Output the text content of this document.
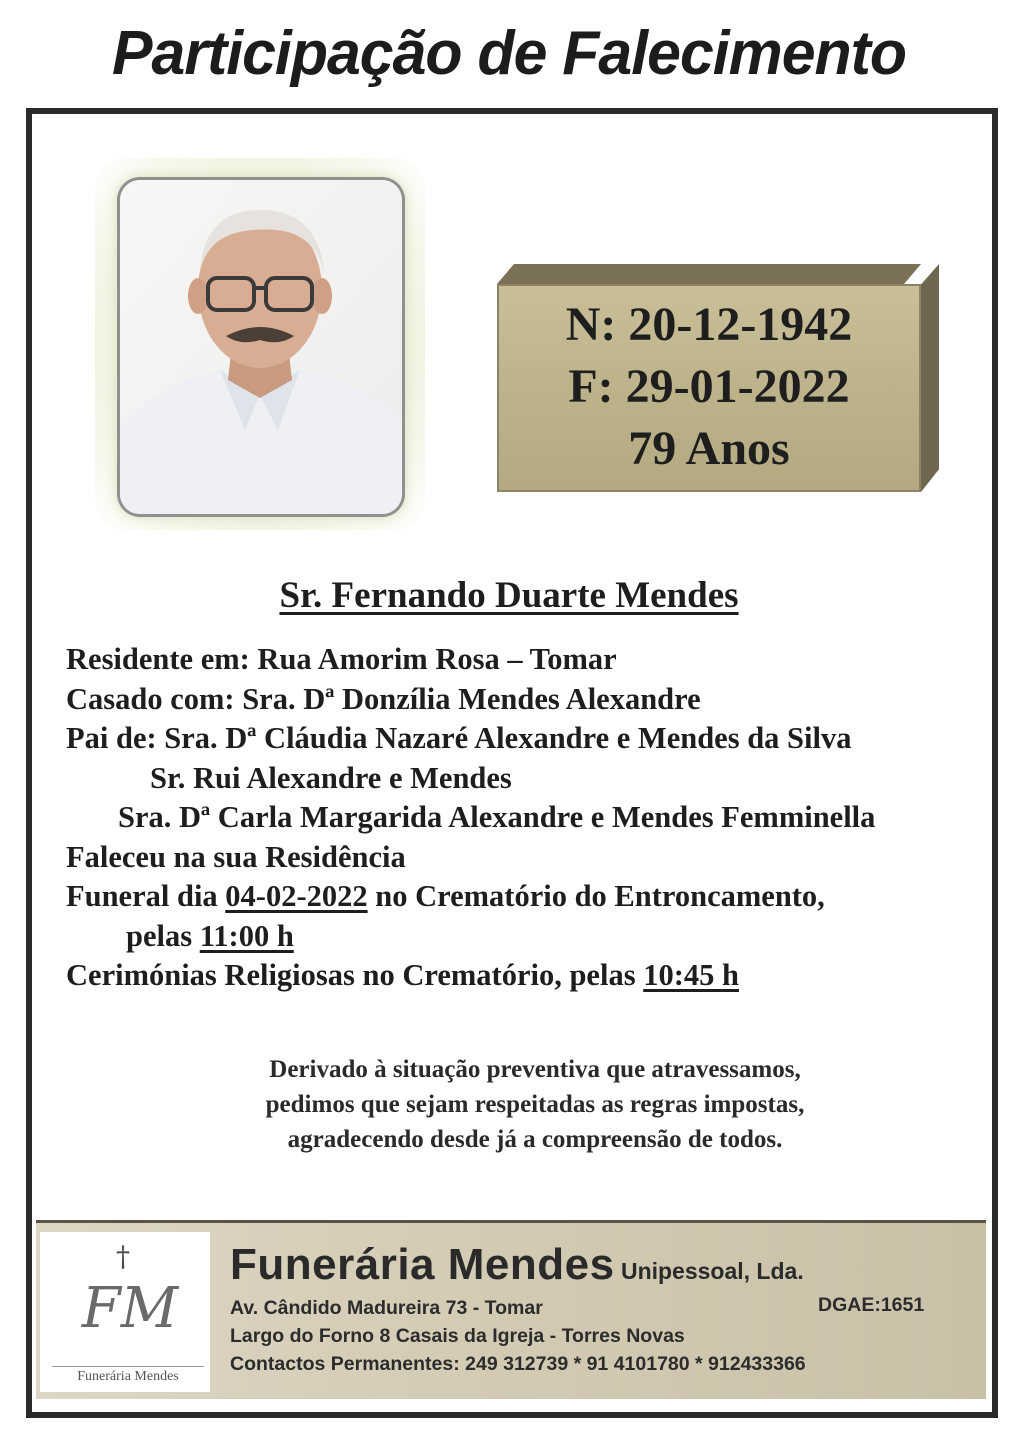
Participação de Falecimento
N: 20-12-1942
F: 29-01-2022
79 Anos
Sr. Fernando Duarte Mendes
Residente em: Rua Amorim Rosa – Tomar
Casado com: Sra. Dª Donzília Mendes Alexandre
Pai de: Sra. Dª Cláudia Nazaré Alexandre e Mendes da Silva
Sr. Rui Alexandre e Mendes
Sra. Dª Carla Margarida Alexandre e Mendes Femminella
Faleceu na sua Residência
Funeral dia 04-02-2022 no Crematório do Entroncamento,
pelas 11:00 h
Cerimónias Religiosas no Crematório, pelas 10:45 h
Derivado à situação preventiva que atravessamos,
pedimos que sejam respeitadas as regras impostas,
agradecendo desde já a compreensão de todos.
†
FM
Funerária Mendes
Funerária Mendes Unipessoal, Lda.
Av. Cândido Madureira 73 - Tomar
Largo do Forno 8 Casais da Igreja - Torres Novas
Contactos Permanentes: 249 312739 * 91 4101780 * 912433366
DGAE:1651
